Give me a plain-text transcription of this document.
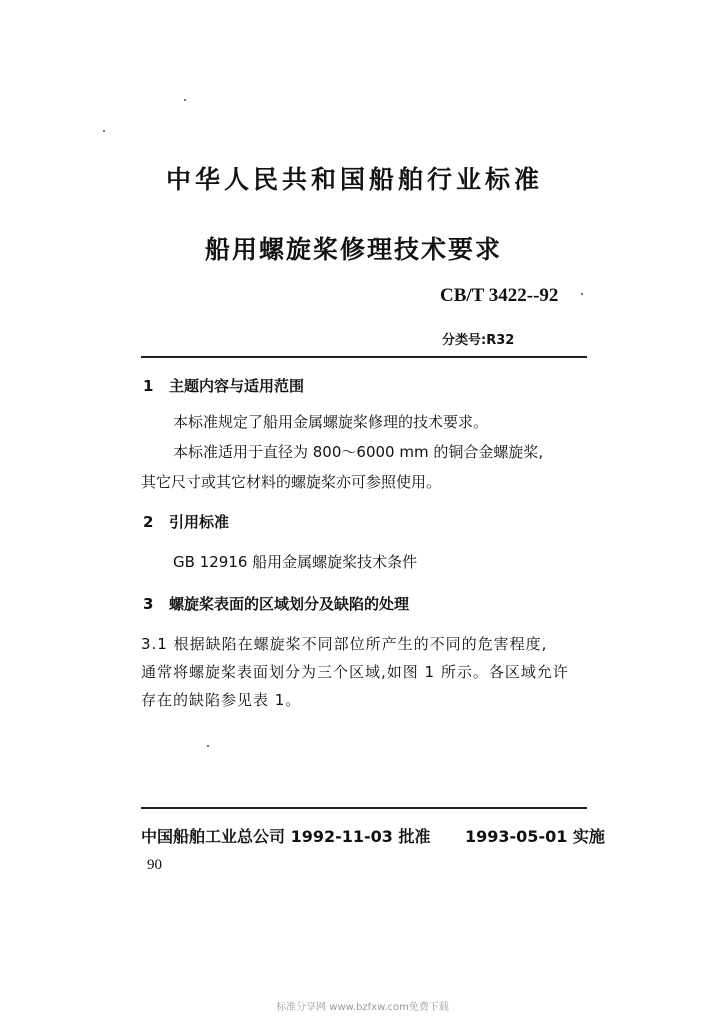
中华人民共和国船舶行业标准
船用螺旋桨修理技术要求
CB/T 3422--92
分类号:R32
1 主题内容与适用范围
本标准规定了船用金属螺旋桨修理的技术要求。
本标准适用于直径为 800～6000 mm 的铜合金螺旋桨,
其它尺寸或其它材料的螺旋桨亦可参照使用。
2 引用标准
GB 12916 船用金属螺旋桨技术条件
3 螺旋桨表面的区域划分及缺陷的处理
3.1 根据缺陷在螺旋桨不同部位所产生的不同的危害程度,
通常将螺旋桨表面划分为三个区域,如图 1 所示。各区域允许
存在的缺陷参见表 1。
中国船舶工业总公司 1992-11-03 批准 1993-05-01 实施
90
标准分享网 www.bzfxw.com免费下载
